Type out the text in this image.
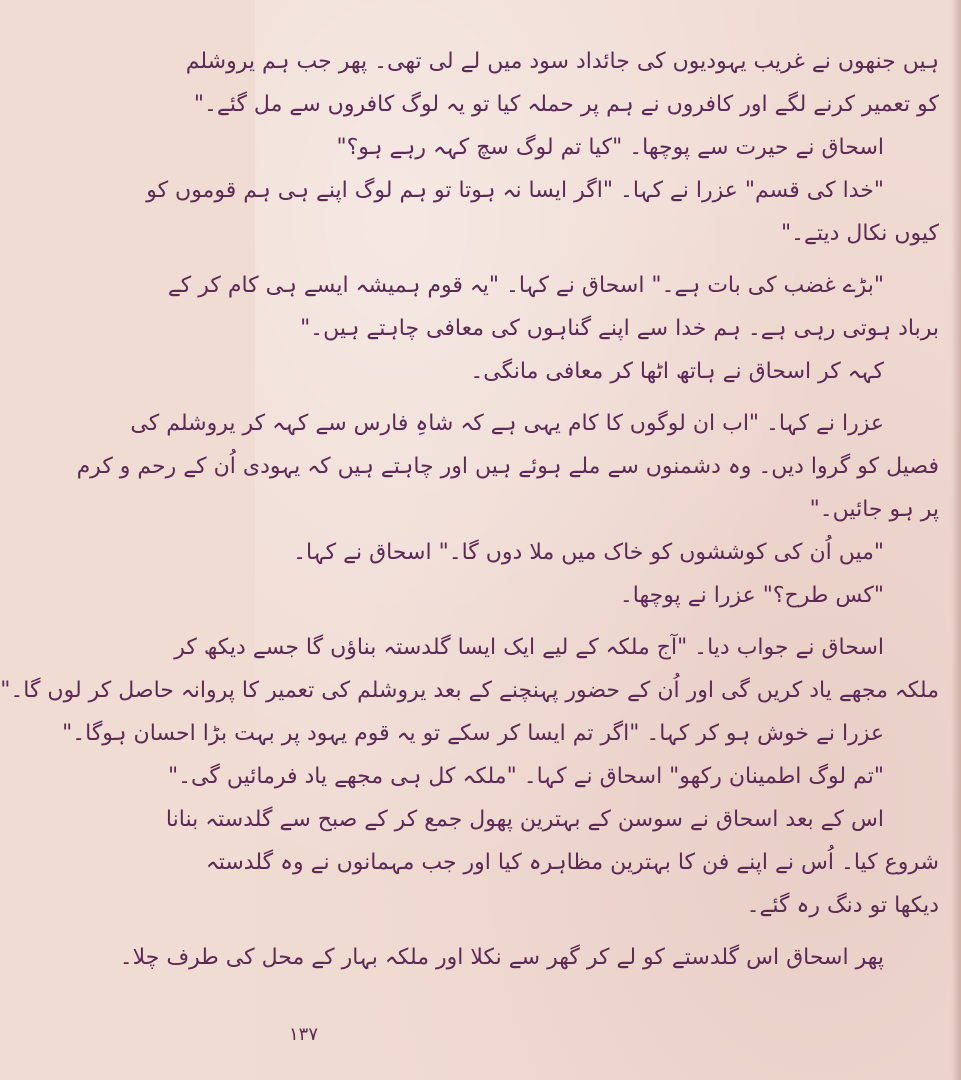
ہیں جنھوں نے غریب یہودیوں کی جائداد سود میں لے لی تھی۔ پھر جب ہم یروشلم

کو تعمیر کرنے لگے اور کافروں نے ہم پر حملہ کیا تو یہ لوگ کافروں سے مل گئے۔"

اسحاق نے حیرت سے پوچھا۔ "کیا تم لوگ سچ کہہ رہے ہو؟"

"خدا کی قسم" عزرا نے کہا۔ "اگر ایسا نہ ہوتا تو ہم لوگ اپنے ہی ہم قوموں کو

کیوں نکال دیتے۔"

"بڑے غضب کی بات ہے۔" اسحاق نے کہا۔ "یہ قوم ہمیشہ ایسے ہی کام کر کے

برباد ہوتی رہی ہے۔ ہم خدا سے اپنے گناہوں کی معافی چاہتے ہیں۔"

کہہ کر اسحاق نے ہاتھ اٹھا کر معافی مانگی۔

عزرا نے کہا۔ "اب ان لوگوں کا کام یہی ہے کہ شاہِ فارس سے کہہ کر یروشلم کی

فصیل کو گروا دیں۔ وہ دشمنوں سے ملے ہوئے ہیں اور چاہتے ہیں کہ یہودی اُن کے رحم و کرم

پر ہو جائیں۔"

"میں اُن کی کوششوں کو خاک میں ملا دوں گا۔" اسحاق نے کہا۔

"کس طرح؟" عزرا نے پوچھا۔

اسحاق نے جواب دیا۔ "آج ملکہ کے لیے ایک ایسا گلدستہ بناؤں گا جسے دیکھ کر

ملکہ مجھے یاد کریں گی اور اُن کے حضور پہنچنے کے بعد یروشلم کی تعمیر کا پروانہ حاصل کر لوں گا۔"

عزرا نے خوش ہو کر کہا۔ "اگر تم ایسا کر سکے تو یہ قوم یہود پر بہت بڑا احسان ہوگا۔"

"تم لوگ اطمینان رکھو" اسحاق نے کہا۔ "ملکہ کل ہی مجھے یاد فرمائیں گی۔"

اس کے بعد اسحاق نے سوسن کے بہترین پھول جمع کر کے صبح سے گلدستہ بنانا

شروع کیا۔ اُس نے اپنے فن کا بہترین مظاہرہ کیا اور جب مہمانوں نے وہ گلدستہ

دیکھا تو دنگ رہ گئے۔

پھر اسحاق اس گلدستے کو لے کر گھر سے نکلا اور ملکہ بہار کے محل کی طرف چلا۔

١٣٧
